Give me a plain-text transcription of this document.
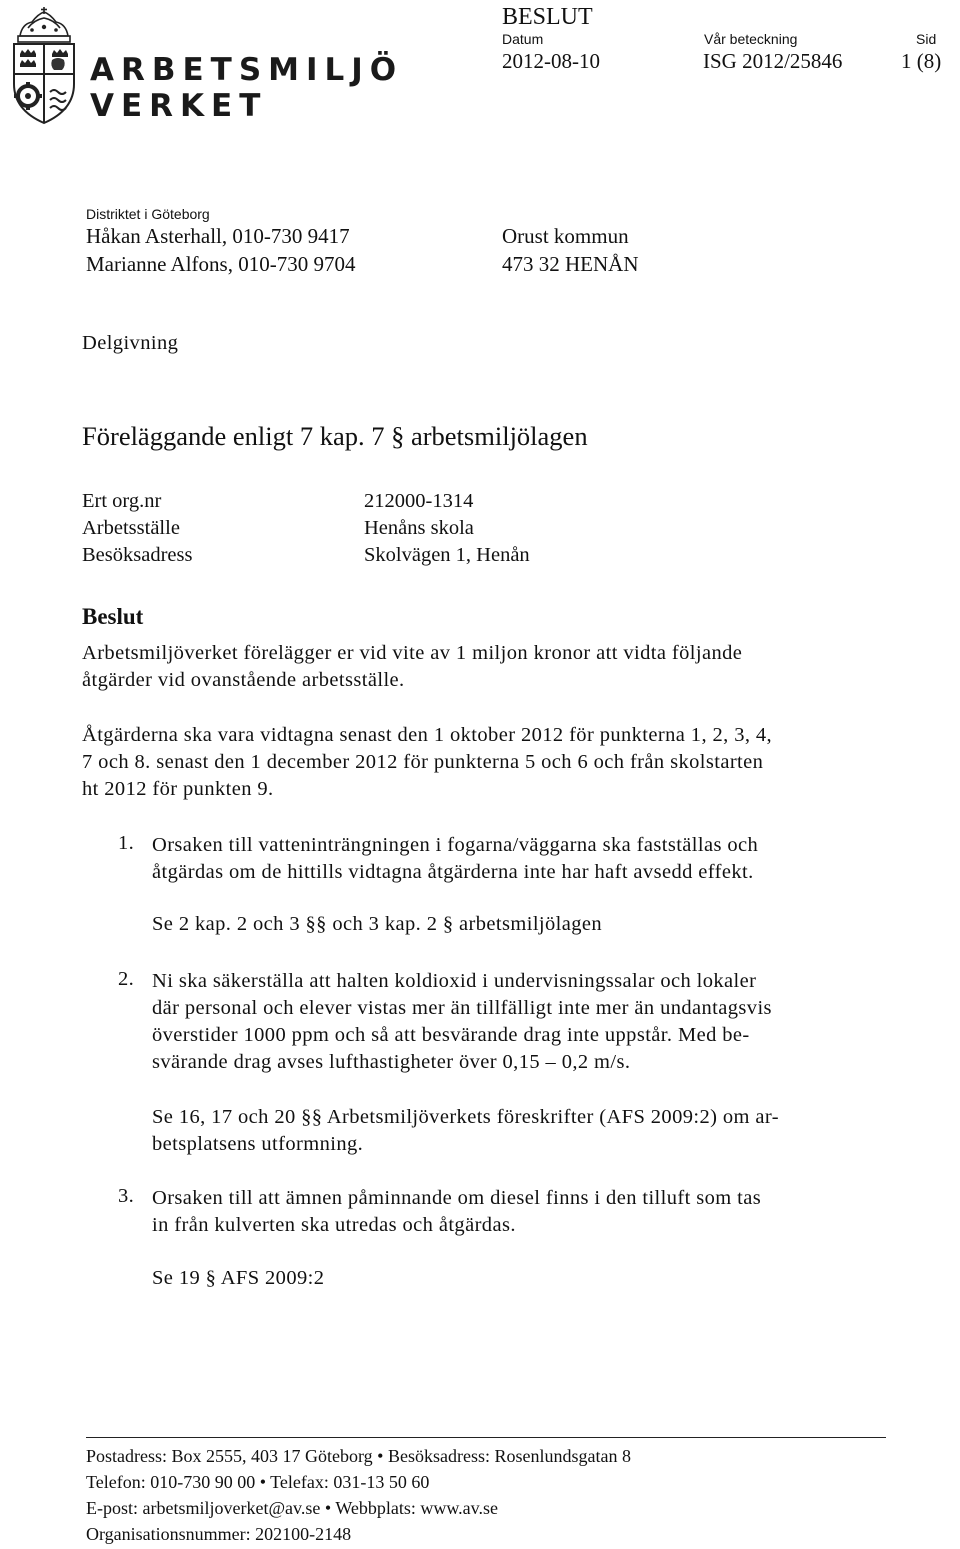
ARBETSMILJÖ
VERKET
BESLUT
Datum
2012-08-10
Vår beteckning
ISG 2012/25846
Sid
1 (8)
Distriktet i Göteborg
Håkan Asterhall, 010-730 9417
Marianne Alfons, 010-730 9704
Orust kommun
473 32 HENÅN
Delgivning
Föreläggande enligt 7 kap. 7 § arbetsmiljölagen
Ert org.nr	212000-1314
Arbetsställe	Henåns skola
Besöksadress	Skolvägen 1, Henån
Beslut
Arbetsmiljöverket förelägger er vid vite av 1 miljon kronor att vidta följande
åtgärder vid ovanstående arbetsställe.
Åtgärderna ska vara vidtagna senast den 1 oktober 2012 för punkterna 1, 2, 3, 4,
7 och 8. senast den 1 december 2012 för punkterna 5 och 6 och från skolstarten
ht 2012 för punkten 9.
1. Orsaken till vatteninträngningen i fogarna/väggarna ska fastställas och
åtgärdas om de hittills vidtagna åtgärderna inte har haft avsedd effekt.
Se 2 kap. 2 och 3 §§ och 3 kap. 2 § arbetsmiljölagen
2. Ni ska säkerställa att halten koldioxid i undervisningssalar och lokaler
där personal och elever vistas mer än tillfälligt inte mer än undantagsvis
överstider 1000 ppm och så att besvärande drag inte uppstår. Med be-
svärande drag avses lufthastigheter över 0,15 – 0,2 m/s.
Se 16, 17 och 20 §§ Arbetsmiljöverkets föreskrifter (AFS 2009:2) om ar-
betsplatsens utformning.
3. Orsaken till att ämnen påminnande om diesel finns i den tilluft som tas
in från kulverten ska utredas och åtgärdas.
Se 19 § AFS 2009:2
Postadress: Box 2555, 403 17 Göteborg • Besöksadress: Rosenlundsgatan 8
Telefon: 010-730 90 00 • Telefax: 031-13 50 60
E-post: arbetsmiljoverket@av.se • Webbplats: www.av.se
Organisationsnummer: 202100-2148
